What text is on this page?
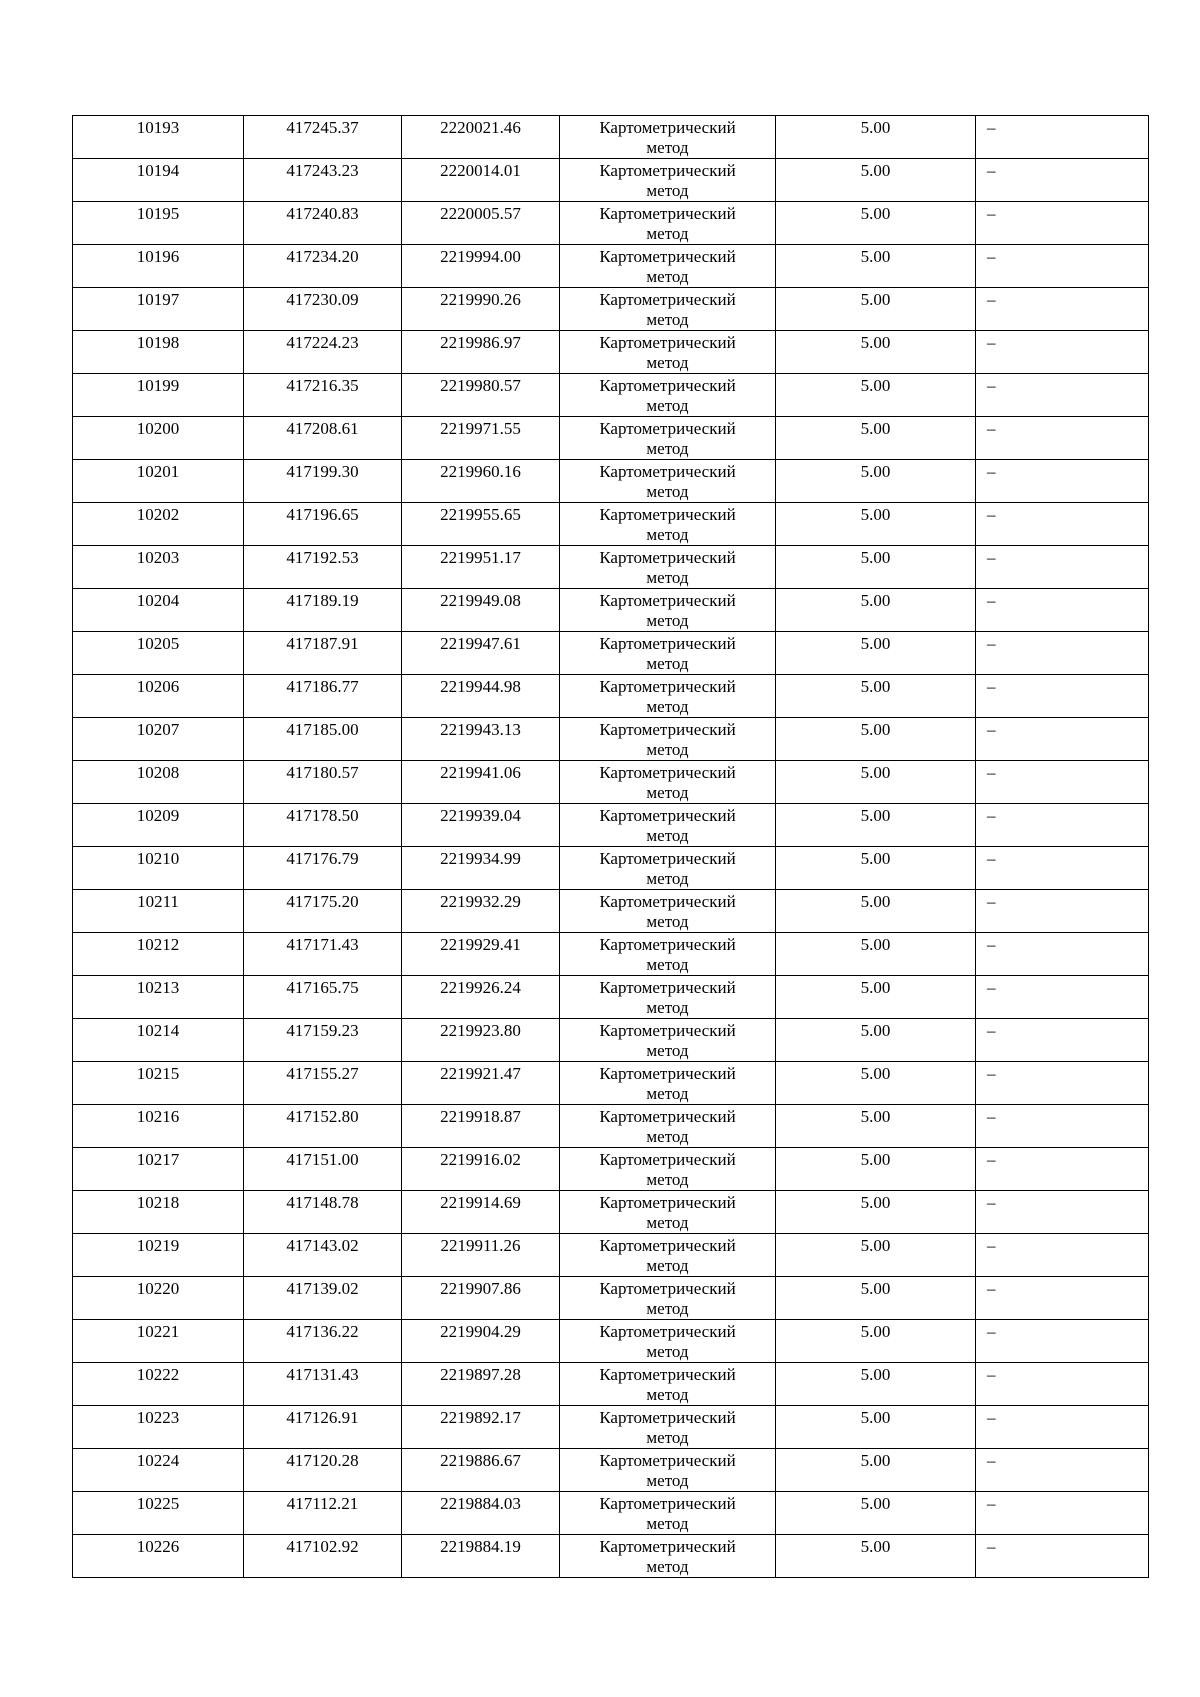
10193	417245.37	2220021.46	Картометрический
метод	5.00	–
10194	417243.23	2220014.01	Картометрический
метод	5.00	–
10195	417240.83	2220005.57	Картометрический
метод	5.00	–
10196	417234.20	2219994.00	Картометрический
метод	5.00	–
10197	417230.09	2219990.26	Картометрический
метод	5.00	–
10198	417224.23	2219986.97	Картометрический
метод	5.00	–
10199	417216.35	2219980.57	Картометрический
метод	5.00	–
10200	417208.61	2219971.55	Картометрический
метод	5.00	–
10201	417199.30	2219960.16	Картометрический
метод	5.00	–
10202	417196.65	2219955.65	Картометрический
метод	5.00	–
10203	417192.53	2219951.17	Картометрический
метод	5.00	–
10204	417189.19	2219949.08	Картометрический
метод	5.00	–
10205	417187.91	2219947.61	Картометрический
метод	5.00	–
10206	417186.77	2219944.98	Картометрический
метод	5.00	–
10207	417185.00	2219943.13	Картометрический
метод	5.00	–
10208	417180.57	2219941.06	Картометрический
метод	5.00	–
10209	417178.50	2219939.04	Картометрический
метод	5.00	–
10210	417176.79	2219934.99	Картометрический
метод	5.00	–
10211	417175.20	2219932.29	Картометрический
метод	5.00	–
10212	417171.43	2219929.41	Картометрический
метод	5.00	–
10213	417165.75	2219926.24	Картометрический
метод	5.00	–
10214	417159.23	2219923.80	Картометрический
метод	5.00	–
10215	417155.27	2219921.47	Картометрический
метод	5.00	–
10216	417152.80	2219918.87	Картометрический
метод	5.00	–
10217	417151.00	2219916.02	Картометрический
метод	5.00	–
10218	417148.78	2219914.69	Картометрический
метод	5.00	–
10219	417143.02	2219911.26	Картометрический
метод	5.00	–
10220	417139.02	2219907.86	Картометрический
метод	5.00	–
10221	417136.22	2219904.29	Картометрический
метод	5.00	–
10222	417131.43	2219897.28	Картометрический
метод	5.00	–
10223	417126.91	2219892.17	Картометрический
метод	5.00	–
10224	417120.28	2219886.67	Картометрический
метод	5.00	–
10225	417112.21	2219884.03	Картометрический
метод	5.00	–
10226	417102.92	2219884.19	Картометрический
метод	5.00	–
